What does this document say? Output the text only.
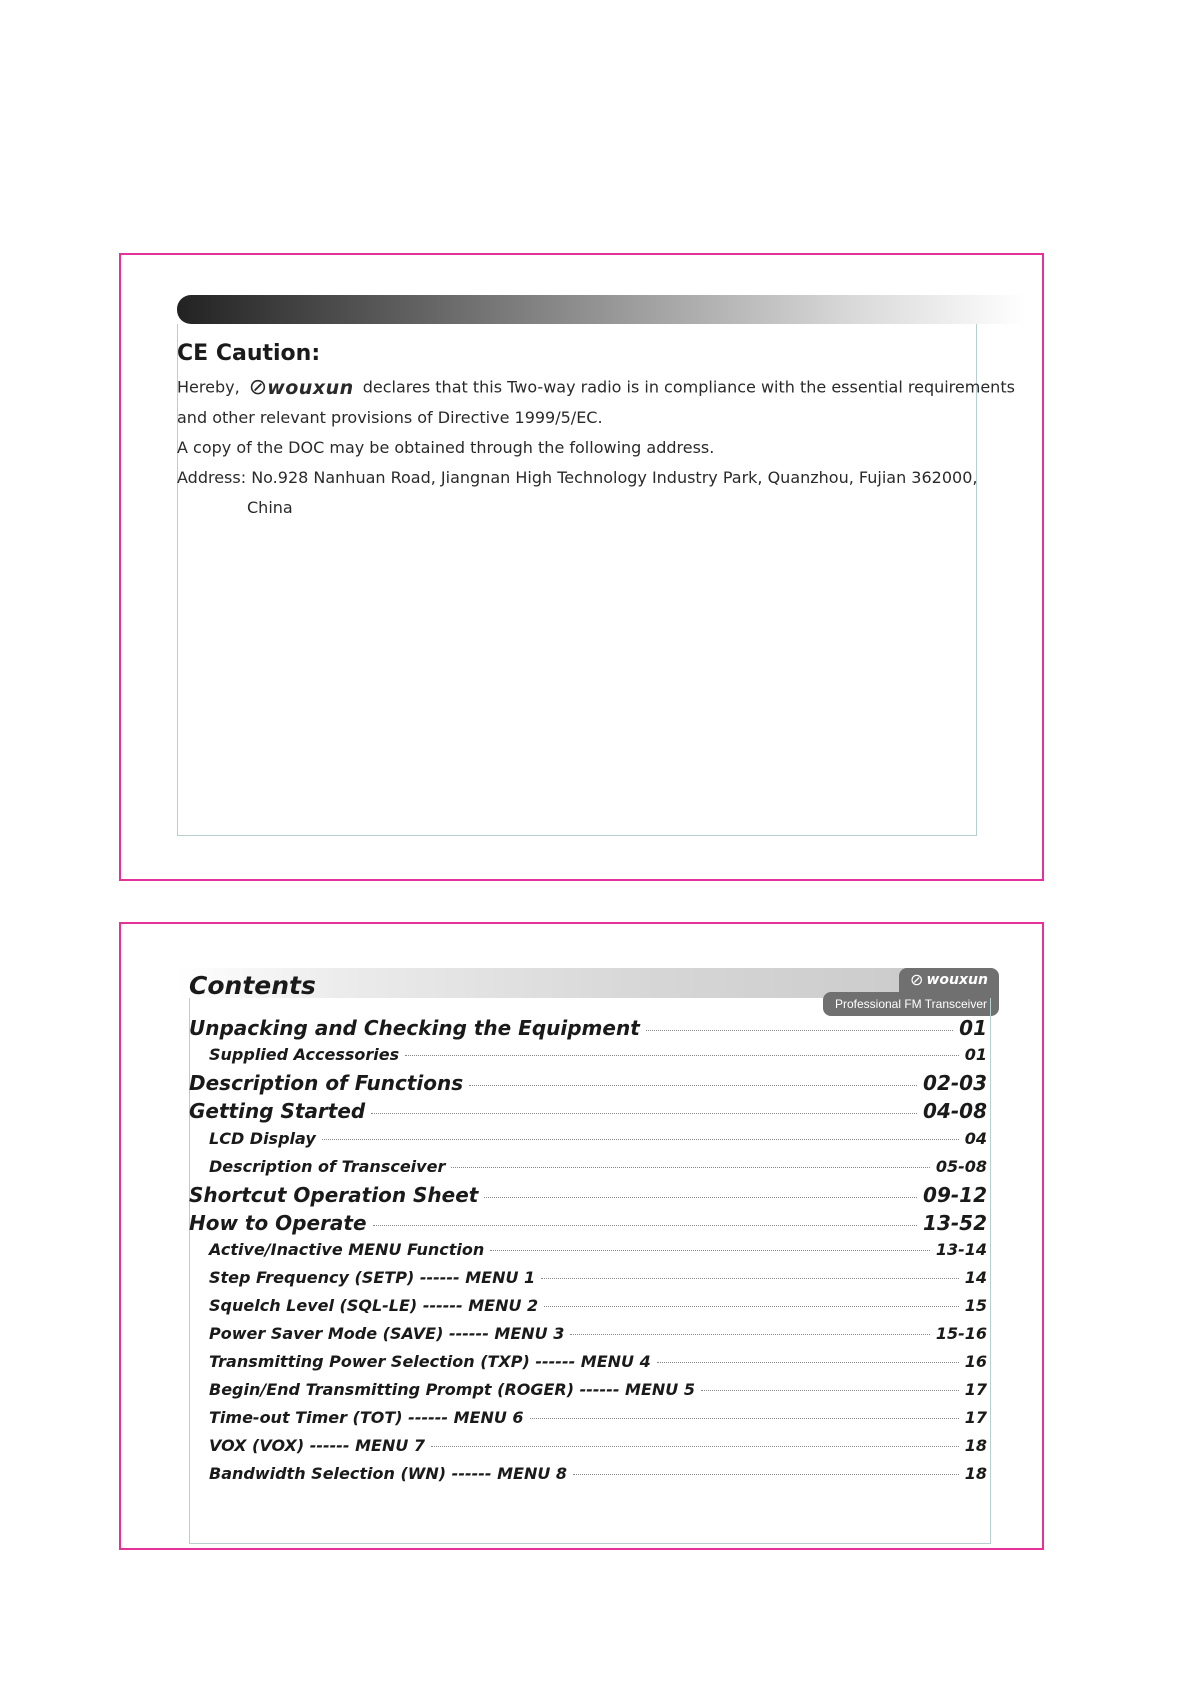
CE Caution:
Hereby, ⊘ wouxun declares that this Two-way radio is in compliance with the essential requirements
and other relevant provisions of Directive 1999/5/EC.
A copy of the DOC may be obtained through the following address.
Address: No.928 Nanhuan Road, Jiangnan High Technology Industry Park, Quanzhou, Fujian 362000,
China
Contents	⊘ wouxun
Professional FM Transceiver
Unpacking and Checking the Equipment	01
Supplied Accessories	01
Description of Functions	02-03
Getting Started	04-08
LCD Display	04
Description of Transceiver	05-08
Shortcut Operation Sheet	09-12
How to Operate	13-52
Active/Inactive MENU Function	13-14
Step Frequency (SETP) ------ MENU 1	14
Squelch Level (SQL-LE) ------ MENU 2	15
Power Saver Mode (SAVE) ------ MENU 3	15-16
Transmitting Power Selection (TXP) ------ MENU 4	16
Begin/End Transmitting Prompt (ROGER) ------ MENU 5	17
Time-out Timer (TOT) ------ MENU 6	17
VOX (VOX) ------ MENU 7	18
Bandwidth Selection (WN) ------ MENU 8	18
